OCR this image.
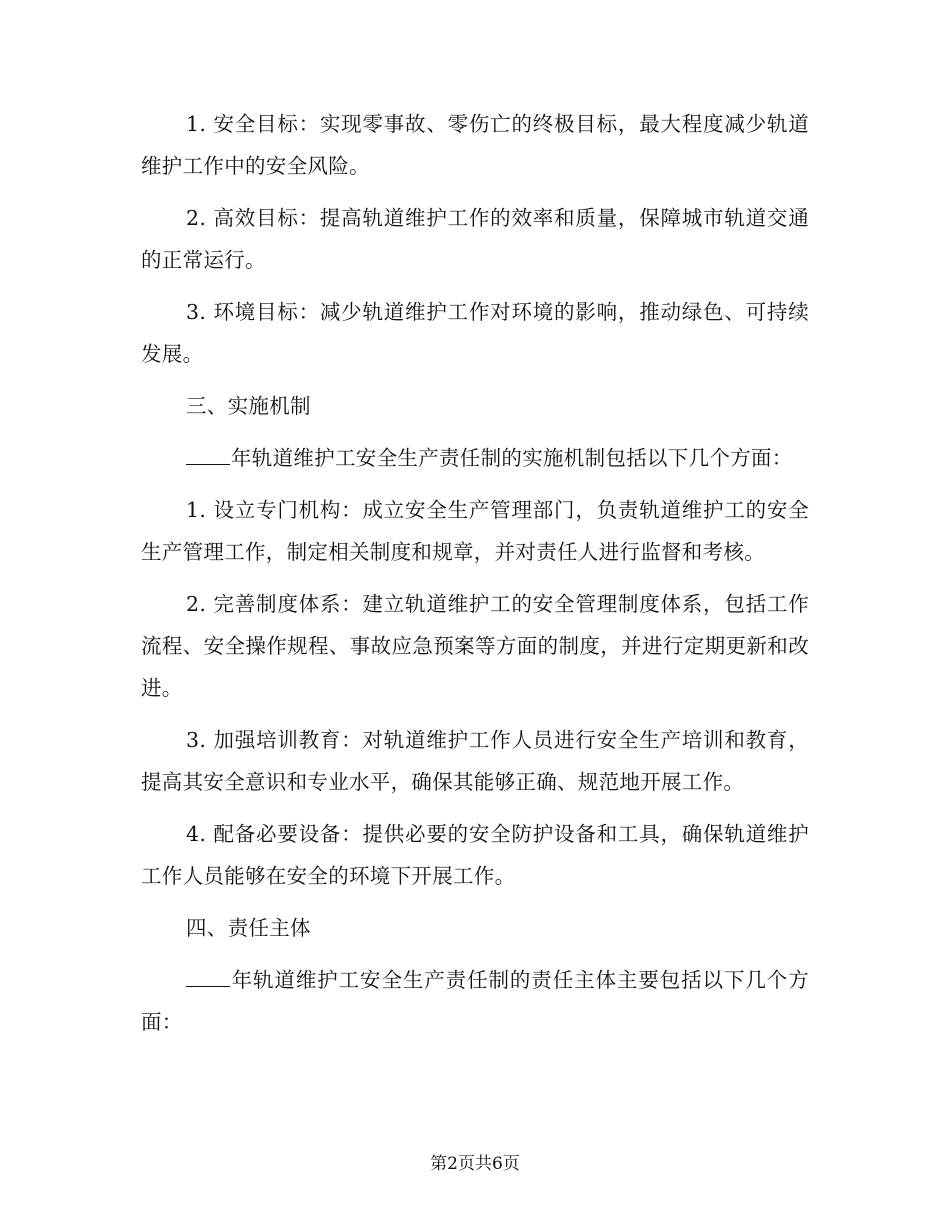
1. 安全目标：实现零事故、零伤亡的终极目标，最大程度减少轨道维护工作中的安全风险。

2. 高效目标：提高轨道维护工作的效率和质量，保障城市轨道交通的正常运行。

3. 环境目标：减少轨道维护工作对环境的影响，推动绿色、可持续发展。

三、实施机制

年轨道维护工安全生产责任制的实施机制包括以下几个方面：

1. 设立专门机构：成立安全生产管理部门，负责轨道维护工的安全生产管理工作，制定相关制度和规章，并对责任人进行监督和考核。

2. 完善制度体系：建立轨道维护工的安全管理制度体系，包括工作流程、安全操作规程、事故应急预案等方面的制度，并进行定期更新和改进。

3. 加强培训教育：对轨道维护工作人员进行安全生产培训和教育，提高其安全意识和专业水平，确保其能够正确、规范地开展工作。

4. 配备必要设备：提供必要的安全防护设备和工具，确保轨道维护工作人员能够在安全的环境下开展工作。

四、责任主体

年轨道维护工安全生产责任制的责任主体主要包括以下几个方面：

第2页共6页
